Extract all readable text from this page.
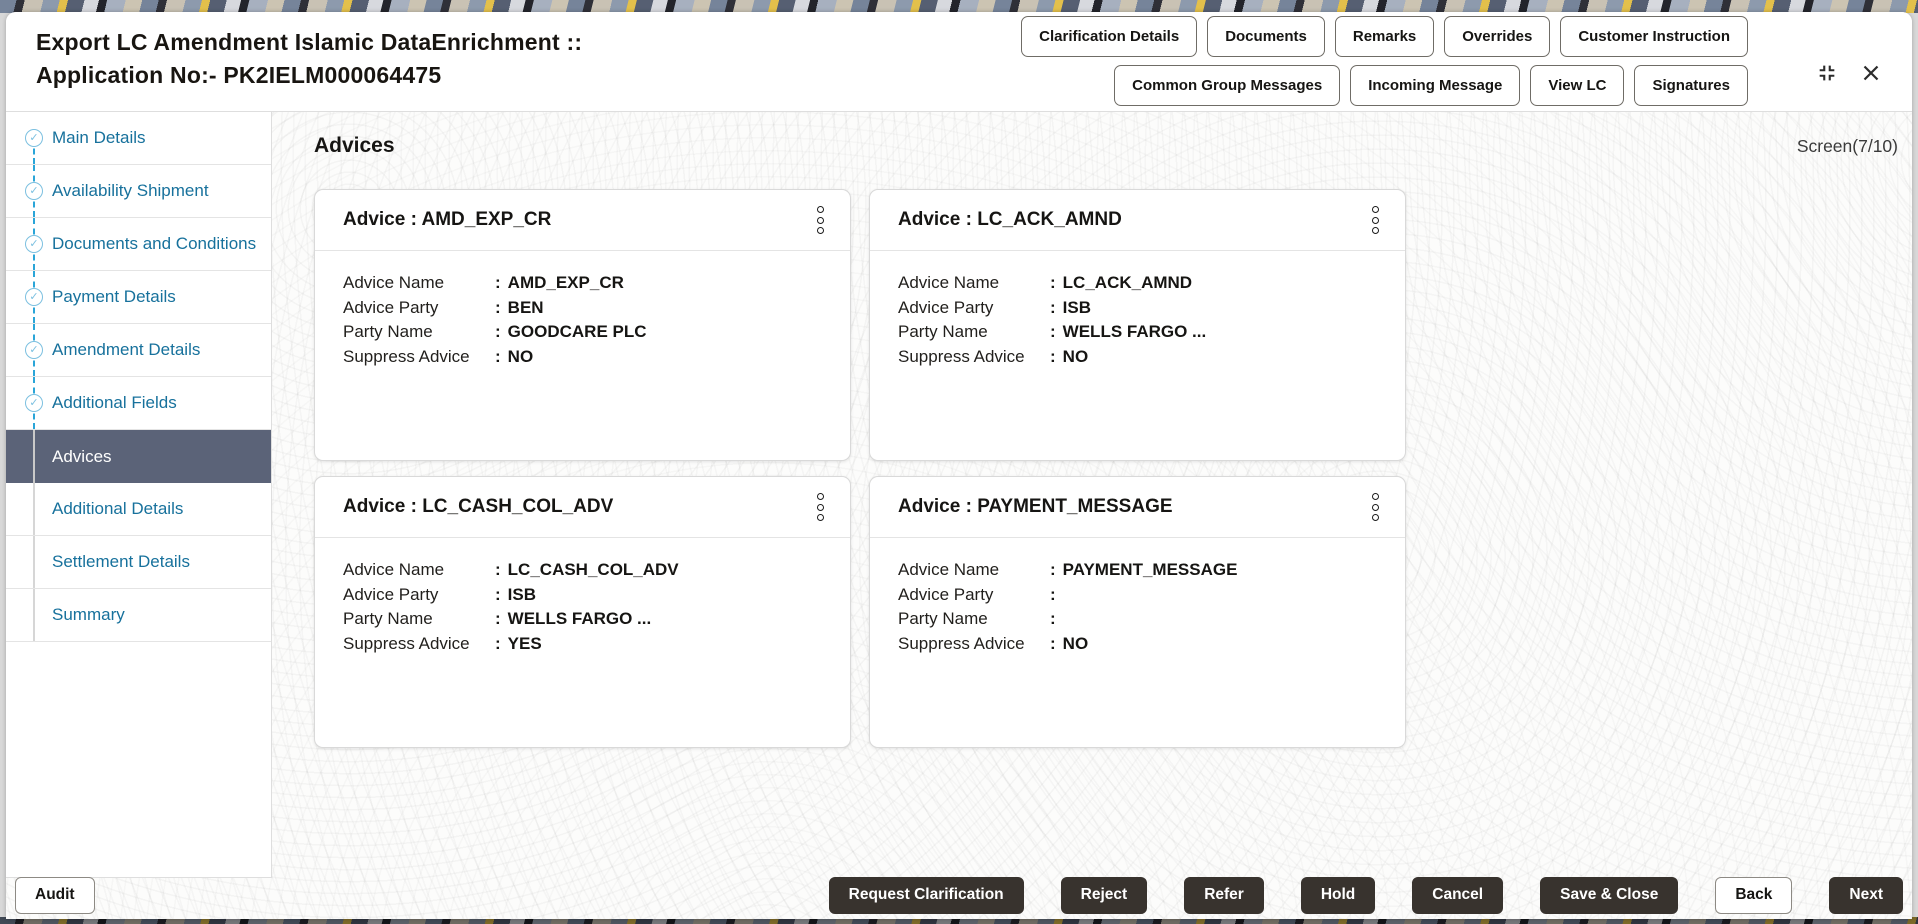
Export LC Amendment Islamic DataEnrichment ::
Application No:- PK2IELM000064475
Clarification Details	Documents	Remarks	Overrides	Customer Instruction
Common Group Messages	Incoming Message	View LC	Signatures
✓ Main Details
✓ Availability Shipment
✓ Documents and Conditions
✓ Payment Details
✓ Amendment Details
✓ Additional Fields
Advices
Additional Details
Settlement Details
Summary
Advices	Screen(7/10)
Advice : AMD_EXP_CR
Advice Name	: AMD_EXP_CR
Advice Party	: BEN
Party Name	: GOODCARE PLC
Suppress Advice	: NO
Advice : LC_ACK_AMND
Advice Name	: LC_ACK_AMND
Advice Party	: ISB
Party Name	: WELLS FARGO ...
Suppress Advice	: NO
Advice : LC_CASH_COL_ADV
Advice Name	: LC_CASH_COL_ADV
Advice Party	: ISB
Party Name	: WELLS FARGO ...
Suppress Advice	: YES
Advice : PAYMENT_MESSAGE
Advice Name	: PAYMENT_MESSAGE
Advice Party	:
Party Name	:
Suppress Advice	: NO
Audit	Request Clarification	Reject	Refer	Hold	Cancel	Save & Close	Back	Next
